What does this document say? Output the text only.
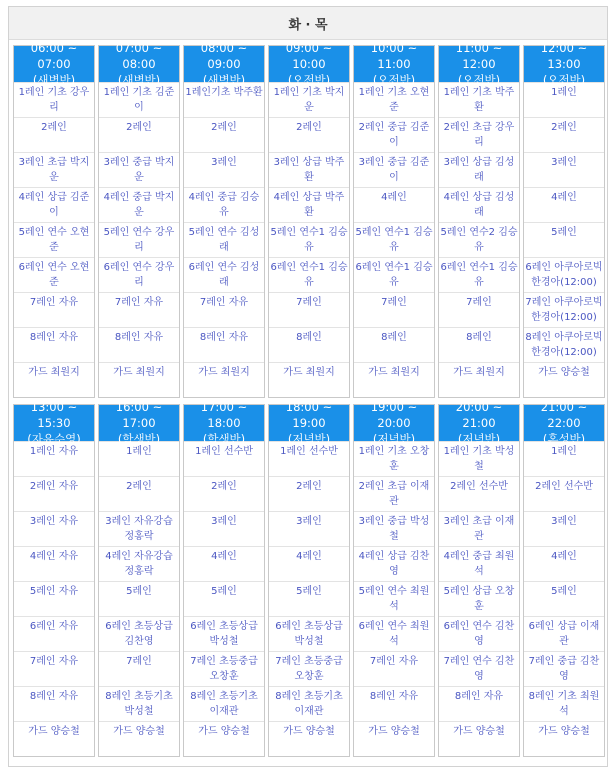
화 · 목
06:00 ~ 07:00
(새벽반)
1레인 기초 강우리
2레인
3레인 초급 박지운
4레인 상급 김준이
5레인 연수 오현준
6레인 연수 오현준
7레인 자유
8레인 자유
가드 최원지
07:00 ~ 08:00
(새벽반)
1레인 기초 김준이
2레인
3레인 중급 박지운
4레인 중급 박지운
5레인 연수 강우리
6레인 연수 강우리
7레인 자유
8레인 자유
가드 최원지
08:00 ~ 09:00
(새벽반)
1레인기초 박주환
2레인
3레인
4레인 중급 김승유
5레인 연수 김성래
6레인 연수 김성래
7레인 자유
8레인 자유
가드 최원지
09:00 ~ 10:00
(오전반)
1레인 기초 박지운
2레인
3레인 상급 박주환
4레인 상급 박주환
5레인 연수1 김승유
6레인 연수1 김승유
7레인
8레인
가드 최원지
10:00 ~ 11:00
(오전반)
1레인 기초 오현준
2레인 중급 김준이
3레인 중급 김준이
4레인
5레인 연수1 김승유
6레인 연수1 김승유
7레인
8레인
가드 최원지
11:00 ~ 12:00
(오전반)
1레인 기초 박주환
2레인 초급 강우리
3레인 상급 김성래
4레인 상급 김성래
5레인 연수2 김승유
6레인 연수1 김승유
7레인
8레인
가드 최원지
12:00 ~ 13:00
(오전반)
1레인
2레인
3레인
4레인
5레인
6레인 아쿠아로빅 한경아(12:00)
7레인 아쿠아로빅 한경아(12:00)
8레인 아쿠아로빅 한경아(12:00)
가드 양승철
13:00 ~ 15:30
(자유수영)
1레인 자유
2레인 자유
3레인 자유
4레인 자유
5레인 자유
6레인 자유
7레인 자유
8레인 자유
가드 양승철
16:00 ~ 17:00
(학생반)
1레인
2레인
3레인 자유강습 정홍락
4레인 자유강습 정홍락
5레인
6레인 초등상급 김찬영
7레인
8레인 초등기초 박성철
가드 양승철
17:00 ~ 18:00
(학생반)
1레인 선수반
2레인
3레인
4레인
5레인
6레인 초등상급 박성철
7레인 초등중급 오창훈
8레인 초등기초 이재관
가드 양승철
18:00 ~ 19:00
(저녁반)
1레인 선수반
2레인
3레인
4레인
5레인
6레인 초등상급 박성철
7레인 초등중급 오창훈
8레인 초등기초 이재관
가드 양승철
19:00 ~ 20:00
(저녁반)
1레인 기초 오창훈
2레인 초급 이재관
3레인 중급 박성철
4레인 상급 김찬영
5레인 연수 최원석
6레인 연수 최원석
7레인 자유
8레인 자유
가드 양승철
20:00 ~ 21:00
(저녁반)
1레인 기초 박성철
2레인 선수반
3레인 초급 이재관
4레인 중급 최원석
5레인 상급 오창훈
6레인 연수 김찬영
7레인 연수 김찬영
8레인 자유
가드 양승철
21:00 ~ 22:00
(혼성반)
1레인
2레인 선수반
3레인
4레인
5레인
6레인 상급 이재관
7레인 중급 김찬영
8레인 기초 최원석
가드 양승철
